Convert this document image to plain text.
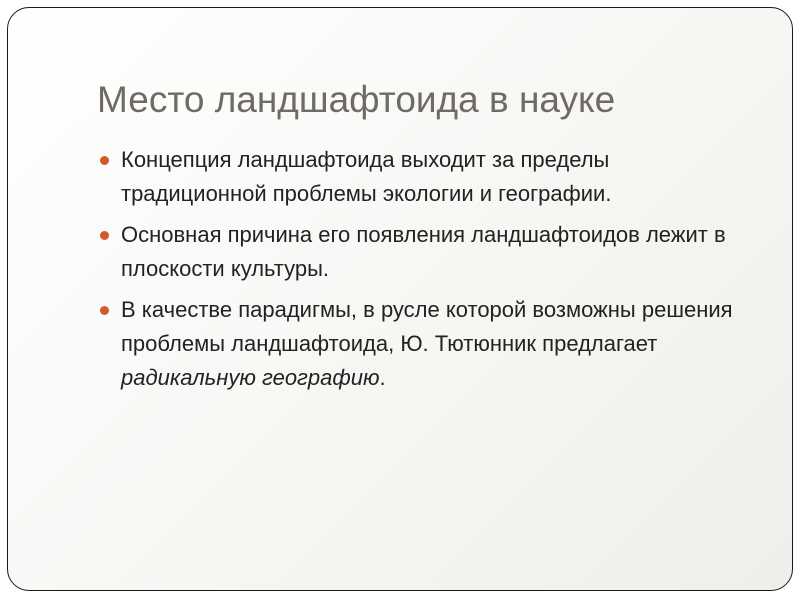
Место ландшафтоида в науке
Концепция ландшафтоида выходит за пределы традиционной проблемы экологии и географии.
Основная причина его появления ландшафтоидов лежит в плоскости культуры.
В качестве парадигмы, в русле которой возможны решения проблемы ландшафтоида, Ю. Тютюнник предлагает радикальную географию.
